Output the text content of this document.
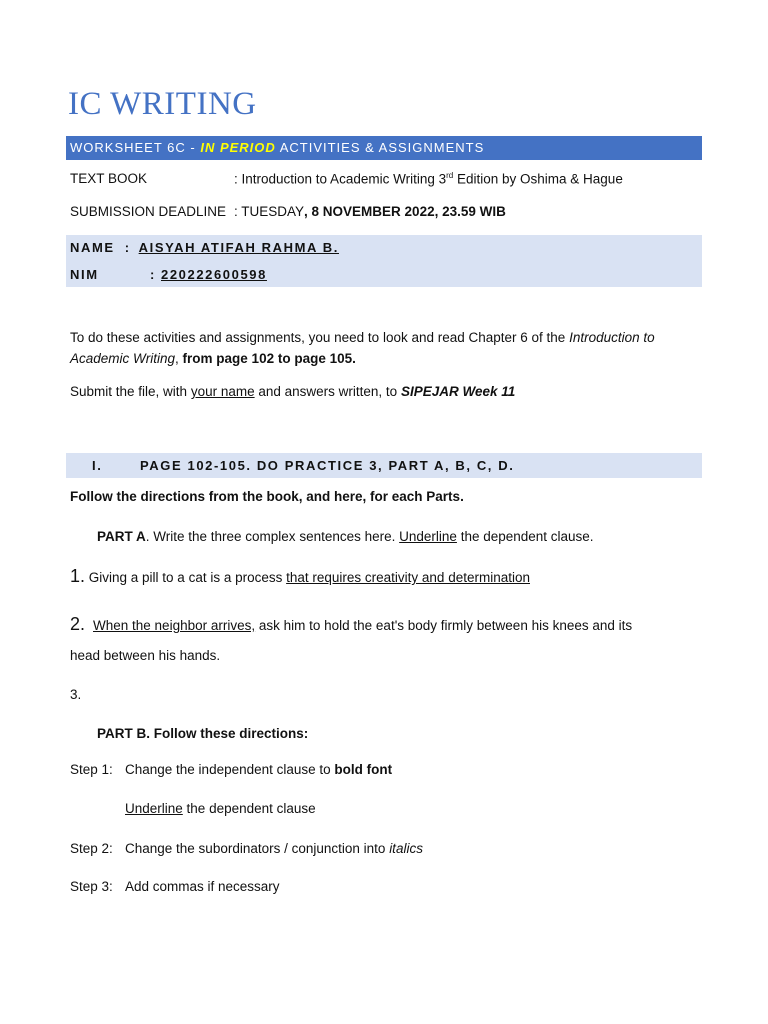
IC WRITING
WORKSHEET 6C - IN PERIOD ACTIVITIES & ASSIGNMENTS
TEXT BOOK	: Introduction to Academic Writing 3rd Edition by Oshima & Hague
SUBMISSION DEADLINE : TUESDAY, 8 NOVEMBER 2022, 23.59 WIB
NAME : AISYAH ATIFAH RAHMA B.
NIM	: 220222600598
To do these activities and assignments, you need to look and read Chapter 6 of the Introduction to Academic Writing, from page 102 to page 105.
Submit the file, with your name and answers written, to SIPEJAR Week 11
I.	PAGE 102-105. DO PRACTICE 3, PART A, B, C, D.
Follow the directions from the book, and here, for each Parts.
PART A. Write the three complex sentences here. Underline the dependent clause.
1. Giving a pill to a cat is a process that requires creativity and determination
2. When the neighbor arrives, ask him to hold the eat's body firmly between his knees and its
head between his hands.
3.
PART B. Follow these directions:
Step 1: Change the independent clause to bold font
Underline the dependent clause
Step 2: Change the subordinators / conjunction into italics
Step 3: Add commas if necessary
